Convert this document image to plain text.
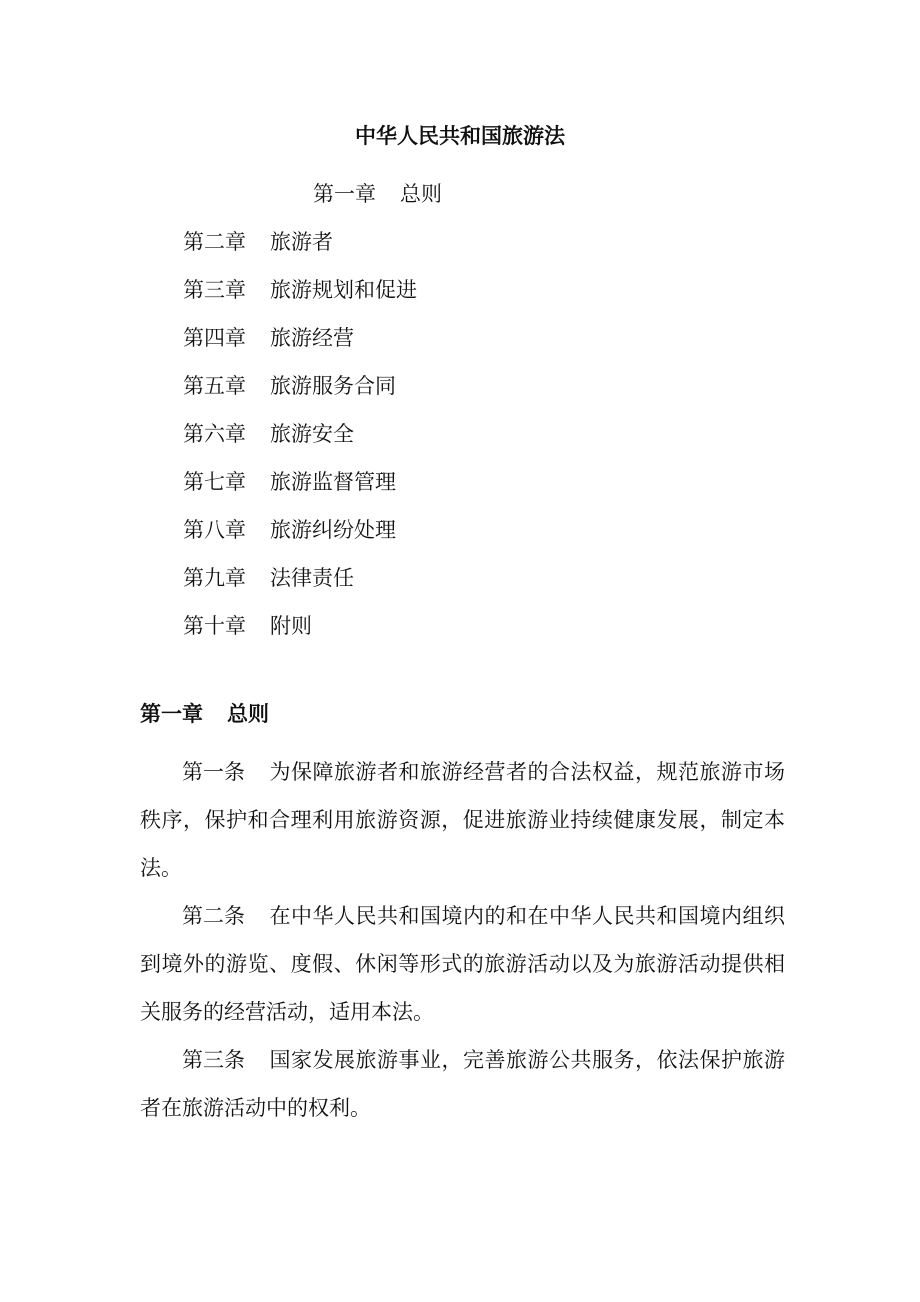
中华人民共和国旅游法
第一章 总则
第二章 旅游者
第三章 旅游规划和促进
第四章 旅游经营
第五章 旅游服务合同
第六章 旅游安全
第七章 旅游监督管理
第八章 旅游纠纷处理
第九章 法律责任
第十章 附则
第一章 总则

第一条 为保障旅游者和旅游经营者的合法权益，规范旅游市场秩序，保护和合理利用旅游资源，促进旅游业持续健康发展，制定本法。

第二条 在中华人民共和国境内的和在中华人民共和国境内组织到境外的游览、度假、休闲等形式的旅游活动以及为旅游活动提供相关服务的经营活动，适用本法。

第三条 国家发展旅游事业，完善旅游公共服务，依法保护旅游者在旅游活动中的权利。
